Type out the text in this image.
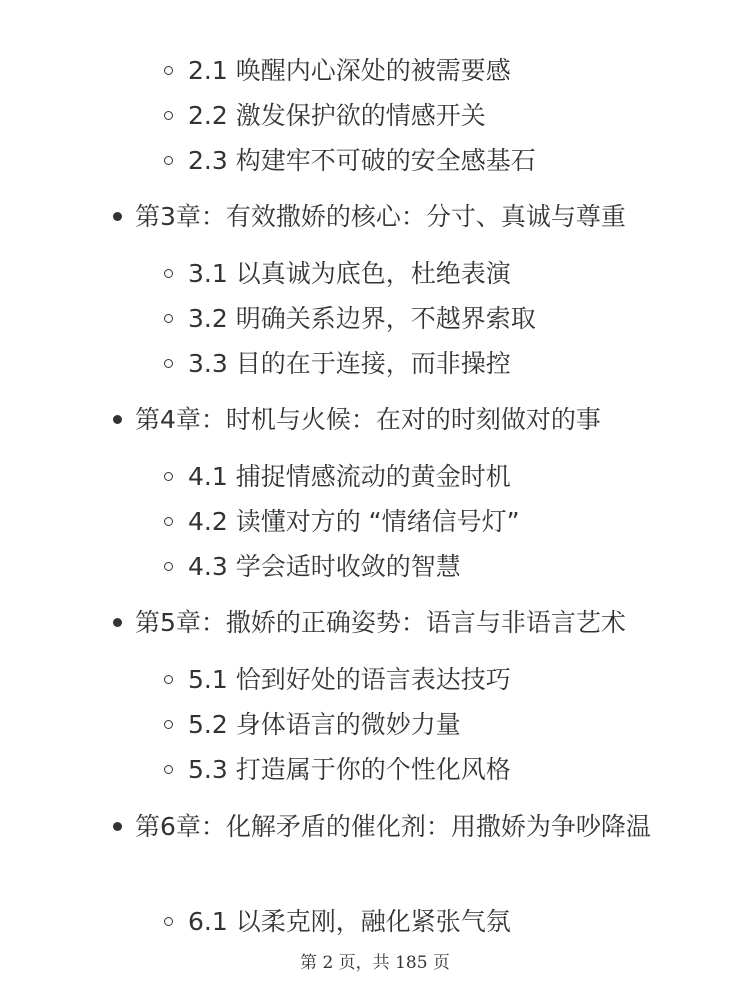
2.1 唤醒内心深处的被需要感
2.2 激发保护欲的情感开关
2.3 构建牢不可破的安全感基石
第3章：有效撒娇的核心：分寸、真诚与尊重
3.1 以真诚为底色，杜绝表演
3.2 明确关系边界，不越界索取
3.3 目的在于连接，而非操控
第4章：时机与火候：在对的时刻做对的事
4.1 捕捉情感流动的黄金时机
4.2 读懂对方的 “情绪信号灯”
4.3 学会适时收敛的智慧
第5章：撒娇的正确姿势：语言与非语言艺术
5.1 恰到好处的语言表达技巧
5.2 身体语言的微妙力量
5.3 打造属于你的个性化风格
第6章：化解矛盾的催化剂：用撒娇为争吵降温
6.1 以柔克刚，融化紧张气氛
第 2 页，共 185 页
